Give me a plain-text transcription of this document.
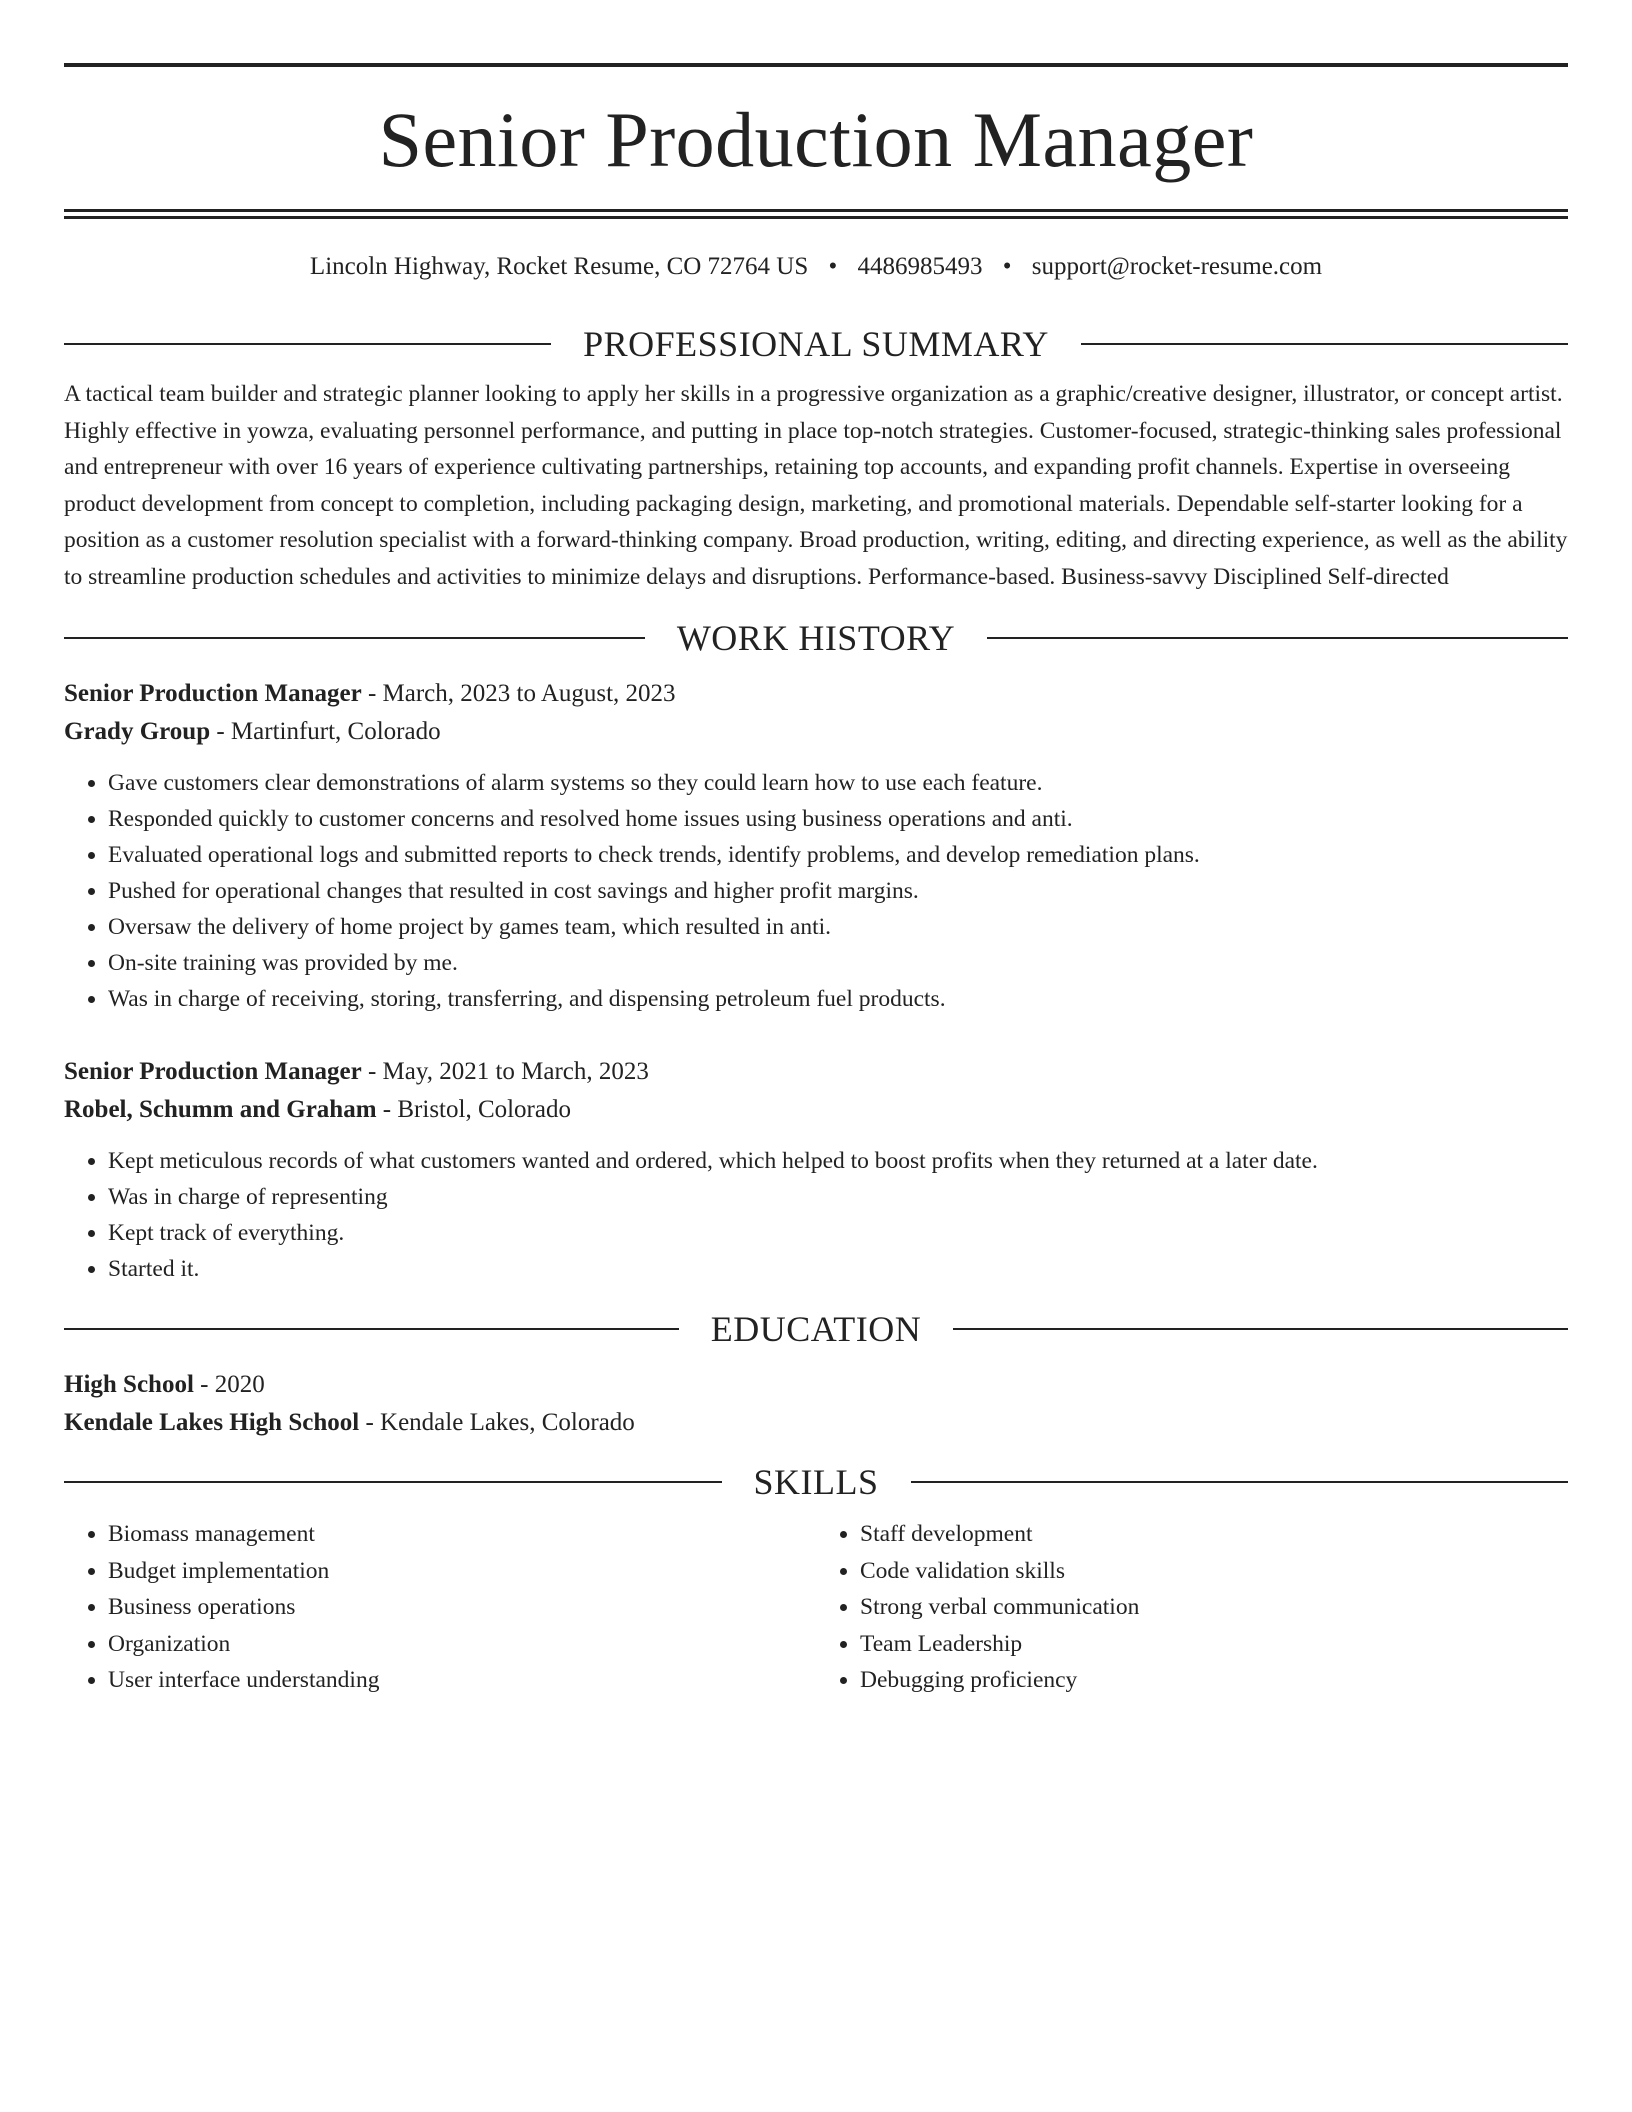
Senior Production Manager
Lincoln Highway, Rocket Resume, CO 72764 US • 4486985493 • support@rocket-resume.com
PROFESSIONAL SUMMARY

A tactical team builder and strategic planner looking to apply her skills in a progressive organization as a graphic/creative designer, illustrator, or concept artist. Highly effective in yowza, evaluating personnel performance, and putting in place top-notch strategies. Customer-focused, strategic-thinking sales professional and entrepreneur with over 16 years of experience cultivating partnerships, retaining top accounts, and expanding profit channels. Expertise in overseeing product development from concept to completion, including packaging design, marketing, and promotional materials. Dependable self-starter looking for a position as a customer resolution specialist with a forward-thinking company. Broad production, writing, editing, and directing experience, as well as the ability to streamline production schedules and activities to minimize delays and disruptions. Performance-based. Business-savvy Disciplined Self-directed

WORK HISTORY
Senior Production Manager - March, 2023 to August, 2023
Grady Group - Martinfurt, Colorado
• Gave customers clear demonstrations of alarm systems so they could learn how to use each feature.
• Responded quickly to customer concerns and resolved home issues using business operations and anti.
• Evaluated operational logs and submitted reports to check trends, identify problems, and develop remediation plans.
• Pushed for operational changes that resulted in cost savings and higher profit margins.
• Oversaw the delivery of home project by games team, which resulted in anti.
• On-site training was provided by me.
• Was in charge of receiving, storing, transferring, and dispensing petroleum fuel products.
Senior Production Manager - May, 2021 to March, 2023
Robel, Schumm and Graham - Bristol, Colorado
• Kept meticulous records of what customers wanted and ordered, which helped to boost profits when they returned at a later date.
• Was in charge of representing
• Kept track of everything.
• Started it.
EDUCATION
High School - 2020
Kendale Lakes High School - Kendale Lakes, Colorado
SKILLS
• Biomass management
• Budget implementation
• Business operations
• Organization
• User interface understanding
• Staff development
• Code validation skills
• Strong verbal communication
• Team Leadership
• Debugging proficiency
